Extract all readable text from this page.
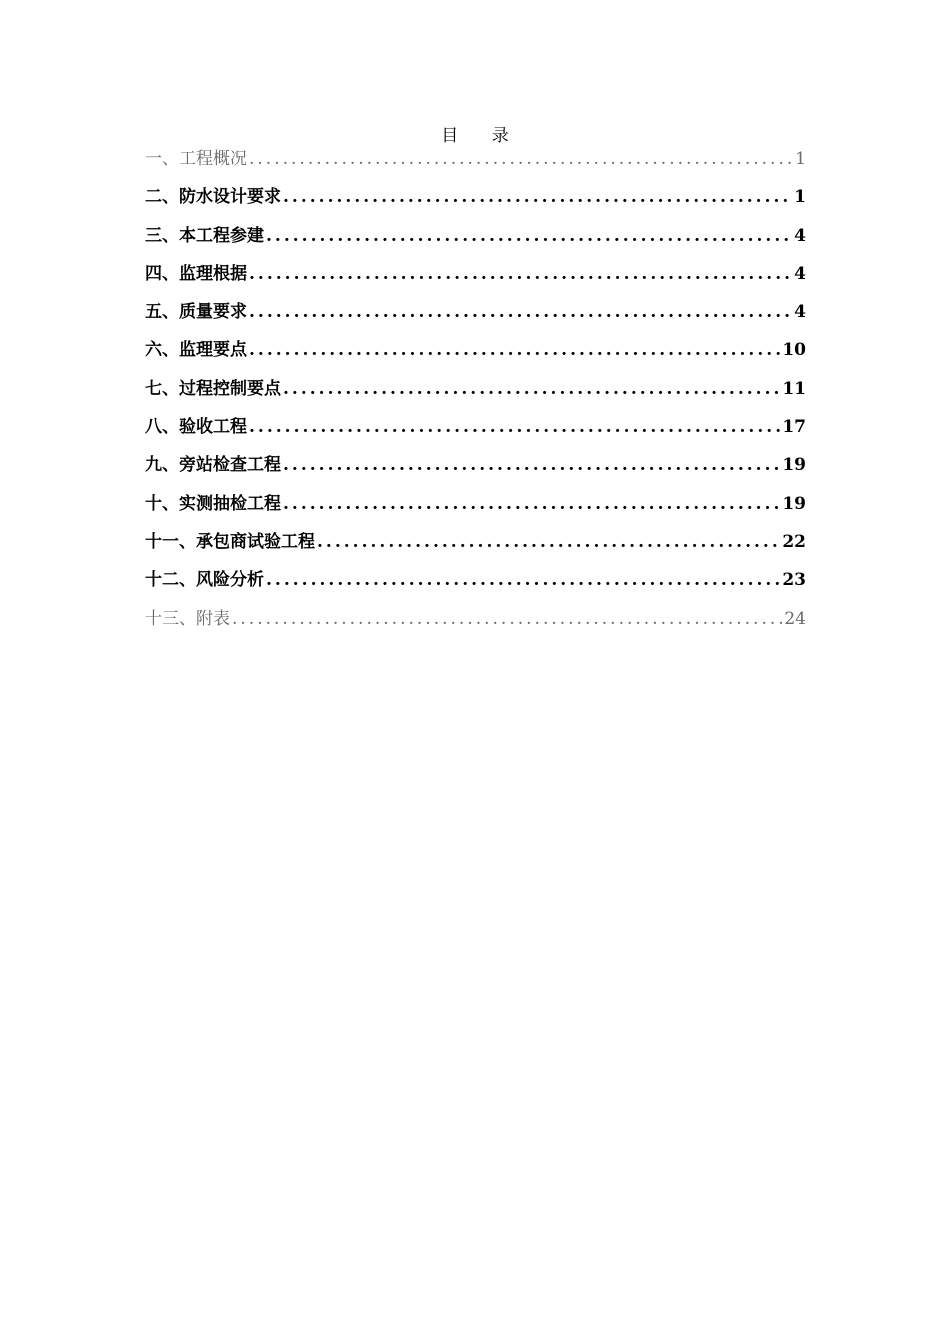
目 录
一、工程概况 .....	1
二、防水设计要求 .....	1
三、本工程参建 .....	4
四、监理根据 .....	4
五、质量要求 .....	4
六、监理要点 .....	10
七、过程控制要点 .....	11
八、验收工程 .....	17
九、旁站检查工程 .....	19
十、实测抽检工程 .....	19
十一、承包商试验工程 .....	22
十二、风险分析 .....	23
十三、附表 .....	24
